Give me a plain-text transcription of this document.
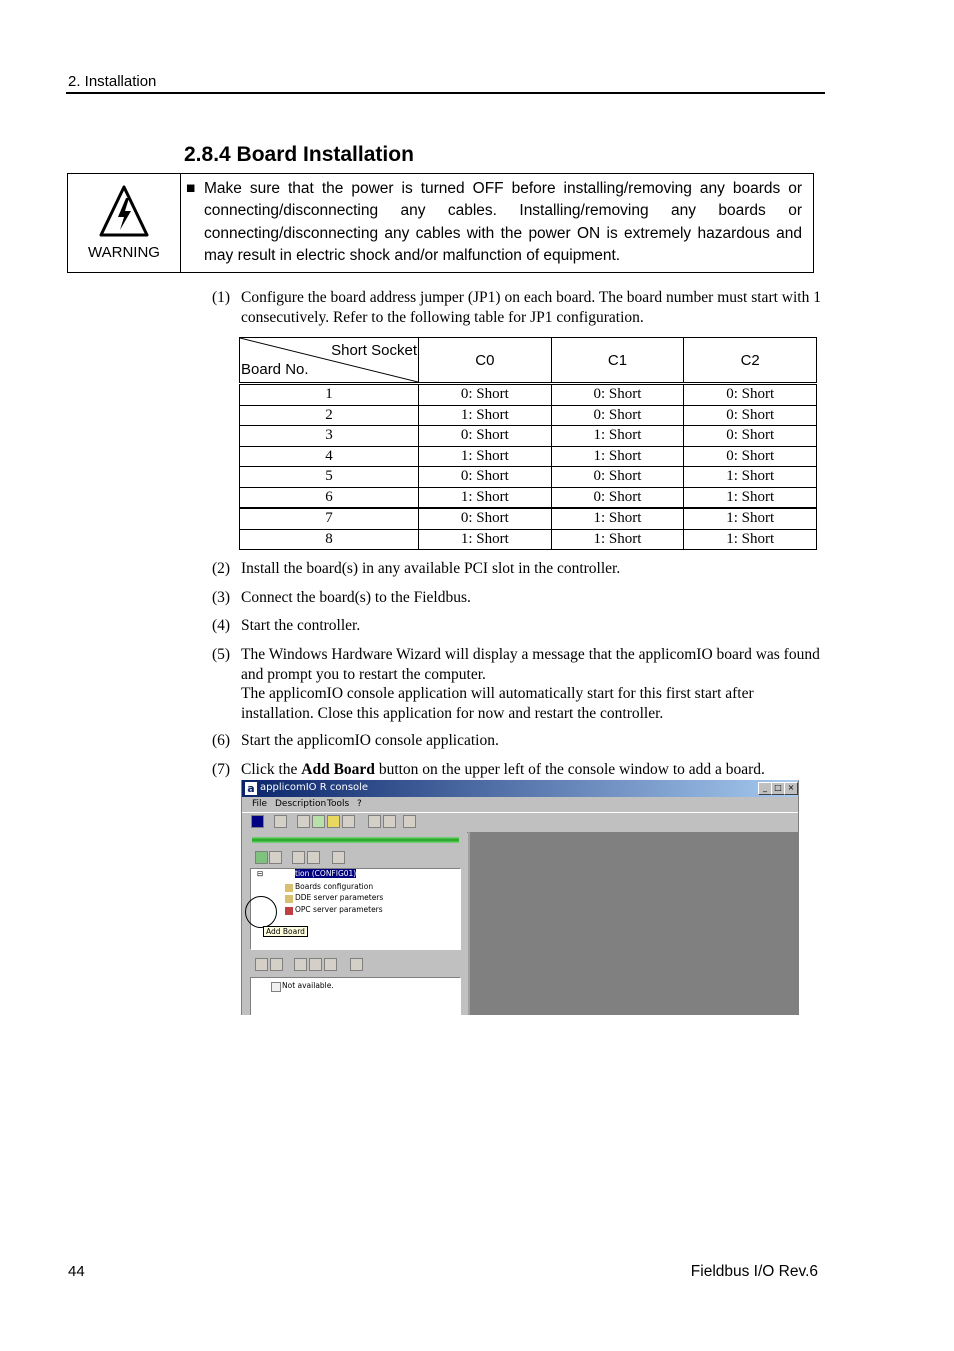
2. Installation
2.8.4 Board Installation
WARNING
■ Make sure that the power is turned OFF before installing/removing any boards or connecting/disconnecting any cables. Installing/removing any boards or connecting/disconnecting any cables with the power ON is extremely hazardous and may result in electric shock and/or malfunction of equipment.
(1) Configure the board address jumper (JP1) on each board. The board number must start with 1 consecutively. Refer to the following table for JP1 configuration.
Short Socket
Board No.	C0	C1	C2
1	0: Short	0: Short	0: Short
2	1: Short	0: Short	0: Short
3	0: Short	1: Short	0: Short
4	1: Short	1: Short	0: Short
5	0: Short	0: Short	1: Short
6	1: Short	0: Short	1: Short
7	0: Short	1: Short	1: Short
8	1: Short	1: Short	1: Short
(2) Install the board(s) in any available PCI slot in the controller.
(3) Connect the board(s) to the Fieldbus.
(4) Start the controller.
(5) The Windows Hardware Wizard will display a message that the applicomIO board was found and prompt you to restart the computer.
The applicomIO console application will automatically start for this first start after installation. Close this application for now and restart the controller.
(6) Start the applicomIO console application.
(7) Click the Add Board button on the upper left of the console window to add a board.
a applicomIO R console	_ □ ×
File Description Tools ?
⊟	tion (CONFIG01)
Boards configuration
DDE server parameters
OPC server parameters
Add Board
Not available.
44	Fieldbus I/O Rev.6
